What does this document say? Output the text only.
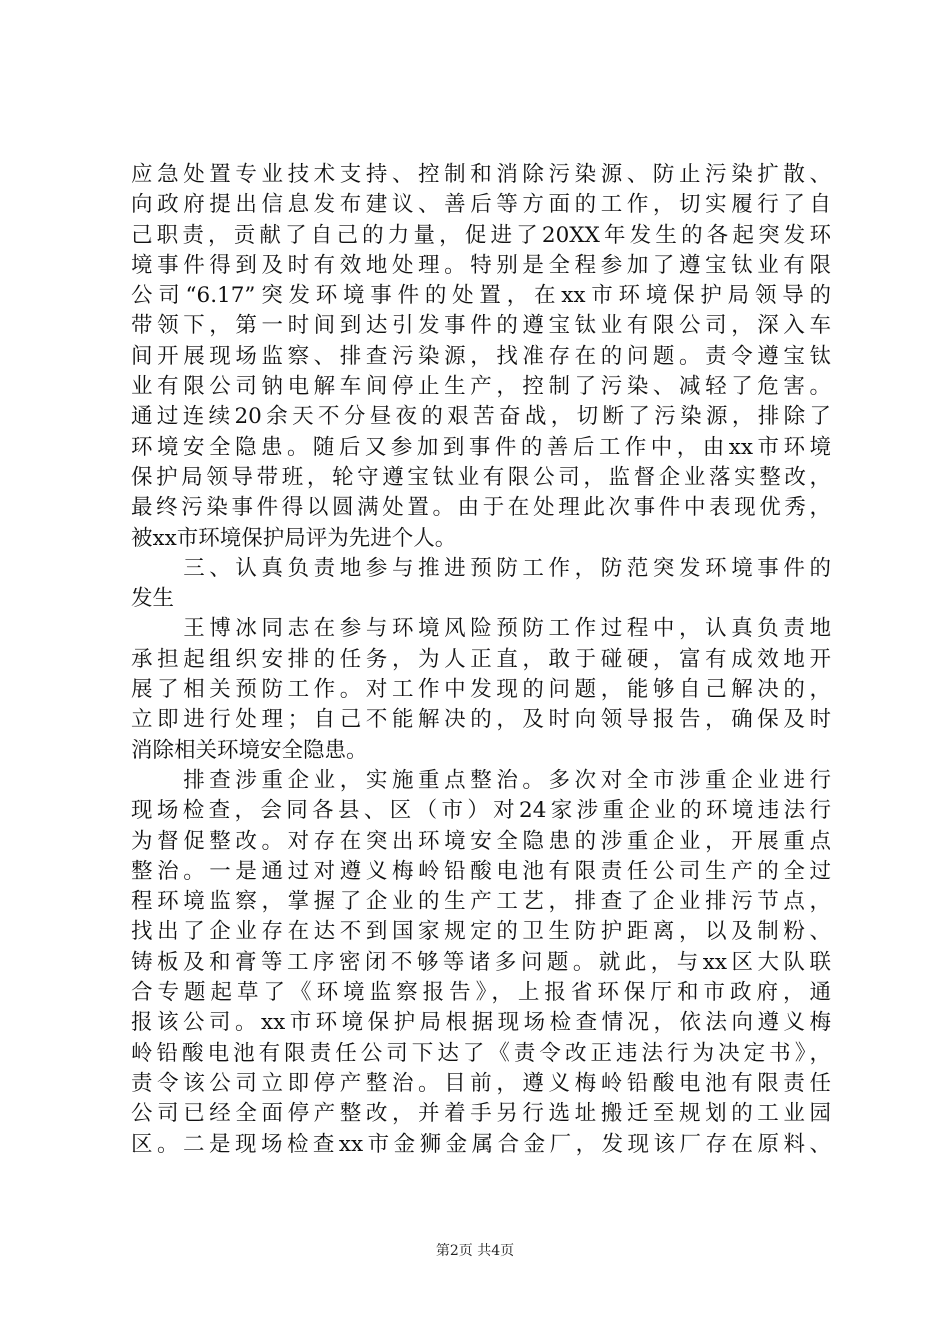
应急处置专业技术支持、控制和消除污染源、防止污染扩散、
向政府提出信息发布建议、善后等方面的工作，切实履行了自
己职责，贡献了自己的力量，促进了20XX年发生的各起突发环
境事件得到及时有效地处理。特别是全程参加了遵宝钛业有限
公司“6.17”突发环境事件的处置，在xx市环境保护局领导的
带领下，第一时间到达引发事件的遵宝钛业有限公司，深入车
间开展现场监察、排查污染源，找准存在的问题。责令遵宝钛
业有限公司钠电解车间停止生产，控制了污染、减轻了危害。
通过连续20余天不分昼夜的艰苦奋战，切断了污染源，排除了
环境安全隐患。随后又参加到事件的善后工作中，由xx市环境
保护局领导带班，轮守遵宝钛业有限公司，监督企业落实整改，
最终污染事件得以圆满处置。由于在处理此次事件中表现优秀，
被xx市环境保护局评为先进个人。
　　三、认真负责地参与推进预防工作，防范突发环境事件的
发生
　　王博冰同志在参与环境风险预防工作过程中，认真负责地
承担起组织安排的任务，为人正直，敢于碰硬，富有成效地开
展了相关预防工作。对工作中发现的问题，能够自己解决的，
立即进行处理；自己不能解决的，及时向领导报告，确保及时
消除相关环境安全隐患。
　　排查涉重企业，实施重点整治。多次对全市涉重企业进行
现场检查，会同各县、区（市）对24家涉重企业的环境违法行
为督促整改。对存在突出环境安全隐患的涉重企业，开展重点
整治。一是通过对遵义梅岭铅酸电池有限责任公司生产的全过
程环境监察，掌握了企业的生产工艺，排查了企业排污节点，
找出了企业存在达不到国家规定的卫生防护距离，以及制粉、
铸板及和膏等工序密闭不够等诸多问题。就此，与xx区大队联
合专题起草了《环境监察报告》，上报省环保厅和市政府，通
报该公司。xx市环境保护局根据现场检查情况，依法向遵义梅
岭铅酸电池有限责任公司下达了《责令改正违法行为决定书》，
责令该公司立即停产整治。目前，遵义梅岭铅酸电池有限责任
公司已经全面停产整改，并着手另行选址搬迁至规划的工业园
区。二是现场检查xx市金狮金属合金厂，发现该厂存在原料、
第2页 共4页
